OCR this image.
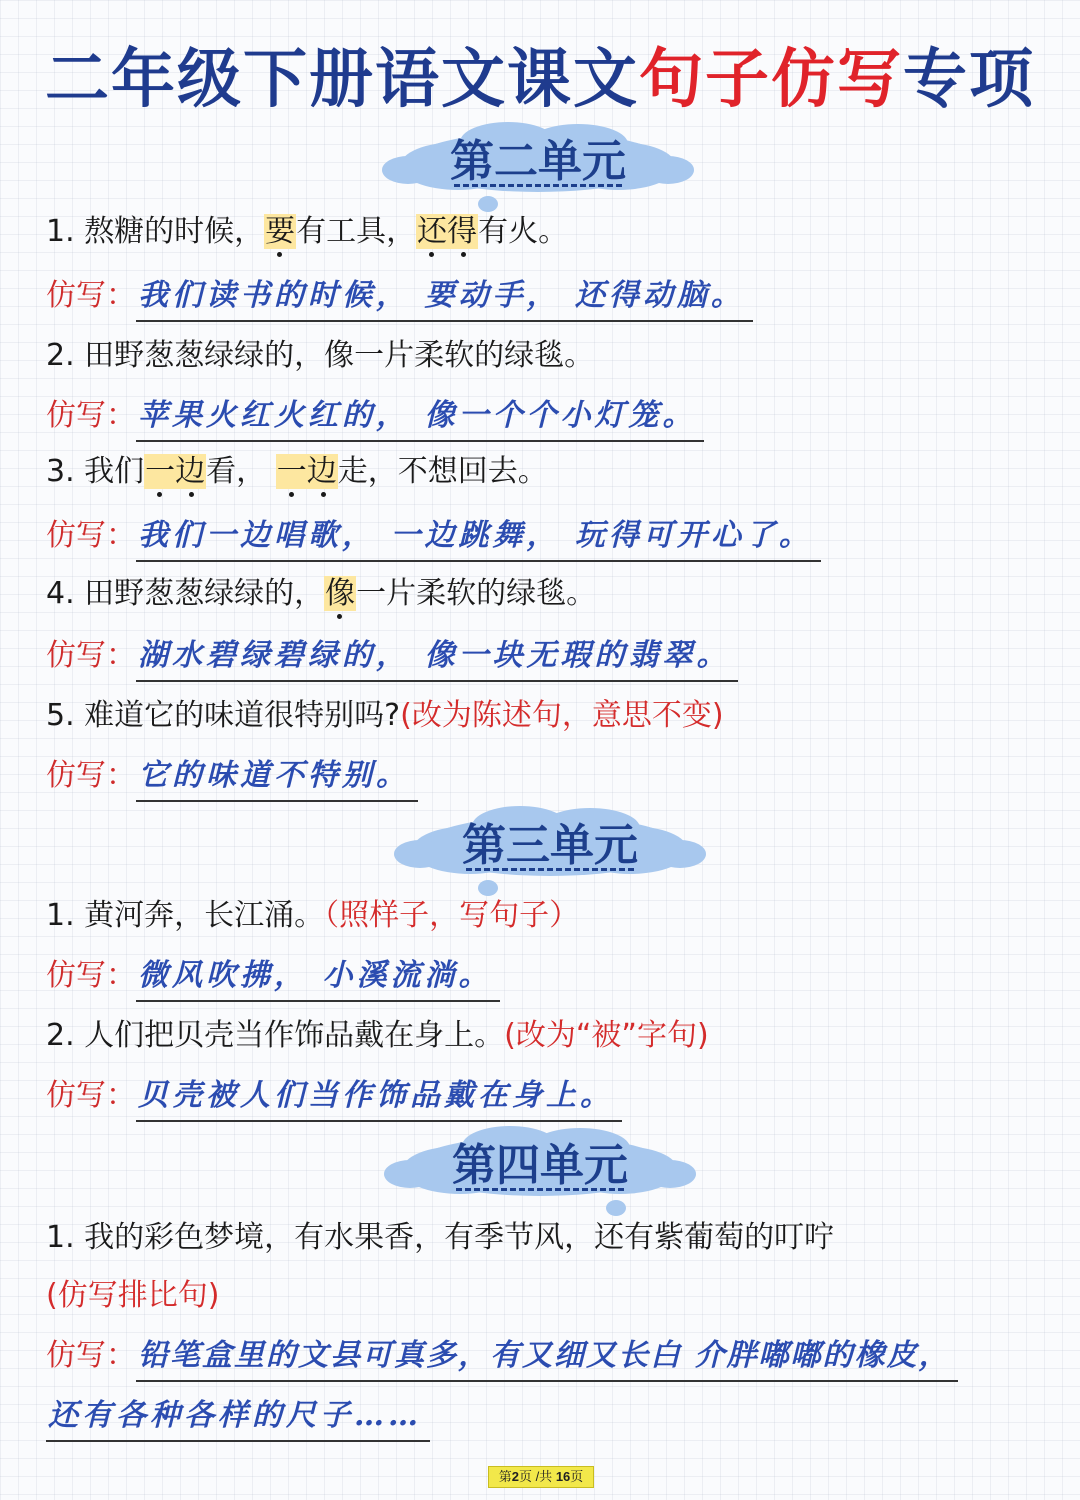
二年级下册语文课文句子仿写专项
第二单元
1. 熬糖的时候，要
有工具，还得
有火。
仿写：我们读书的时候， 要动手， 还得动脑。
2. 田野葱葱绿绿的，像一片柔软的绿毯。
仿写：苹果火红火红的， 像一个个小灯笼。
3. 我们一边
看， 一边
走，不想回去。
仿写：我们一边唱歌， 一边跳舞， 玩得可开心了。
4. 田野葱葱绿绿的，像
一片柔软的绿毯。
仿写：湖水碧绿碧绿的， 像一块无瑕的翡翠。
5. 难道它的味道很特别吗?(改为陈述句，意思不变)
仿写：它的味道不特别。
第三单元
1. 黄河奔，长江涌。（照样子，写句子）
仿写：微风吹拂， 小溪流淌。
2. 人们把贝壳当作饰品戴在身上。(改为“被”字句)
仿写：贝壳被人们当作饰品戴在身上。
第四单元
1. 我的彩色梦境，有水果香，有季节风，还有紫葡萄的叮咛
(仿写排比句)
仿写：铅笔盒里的文县可真多，有又细又长白 介胖嘟嘟的橡皮，
还有各种各样的尺子……
第2页 /共 16页
